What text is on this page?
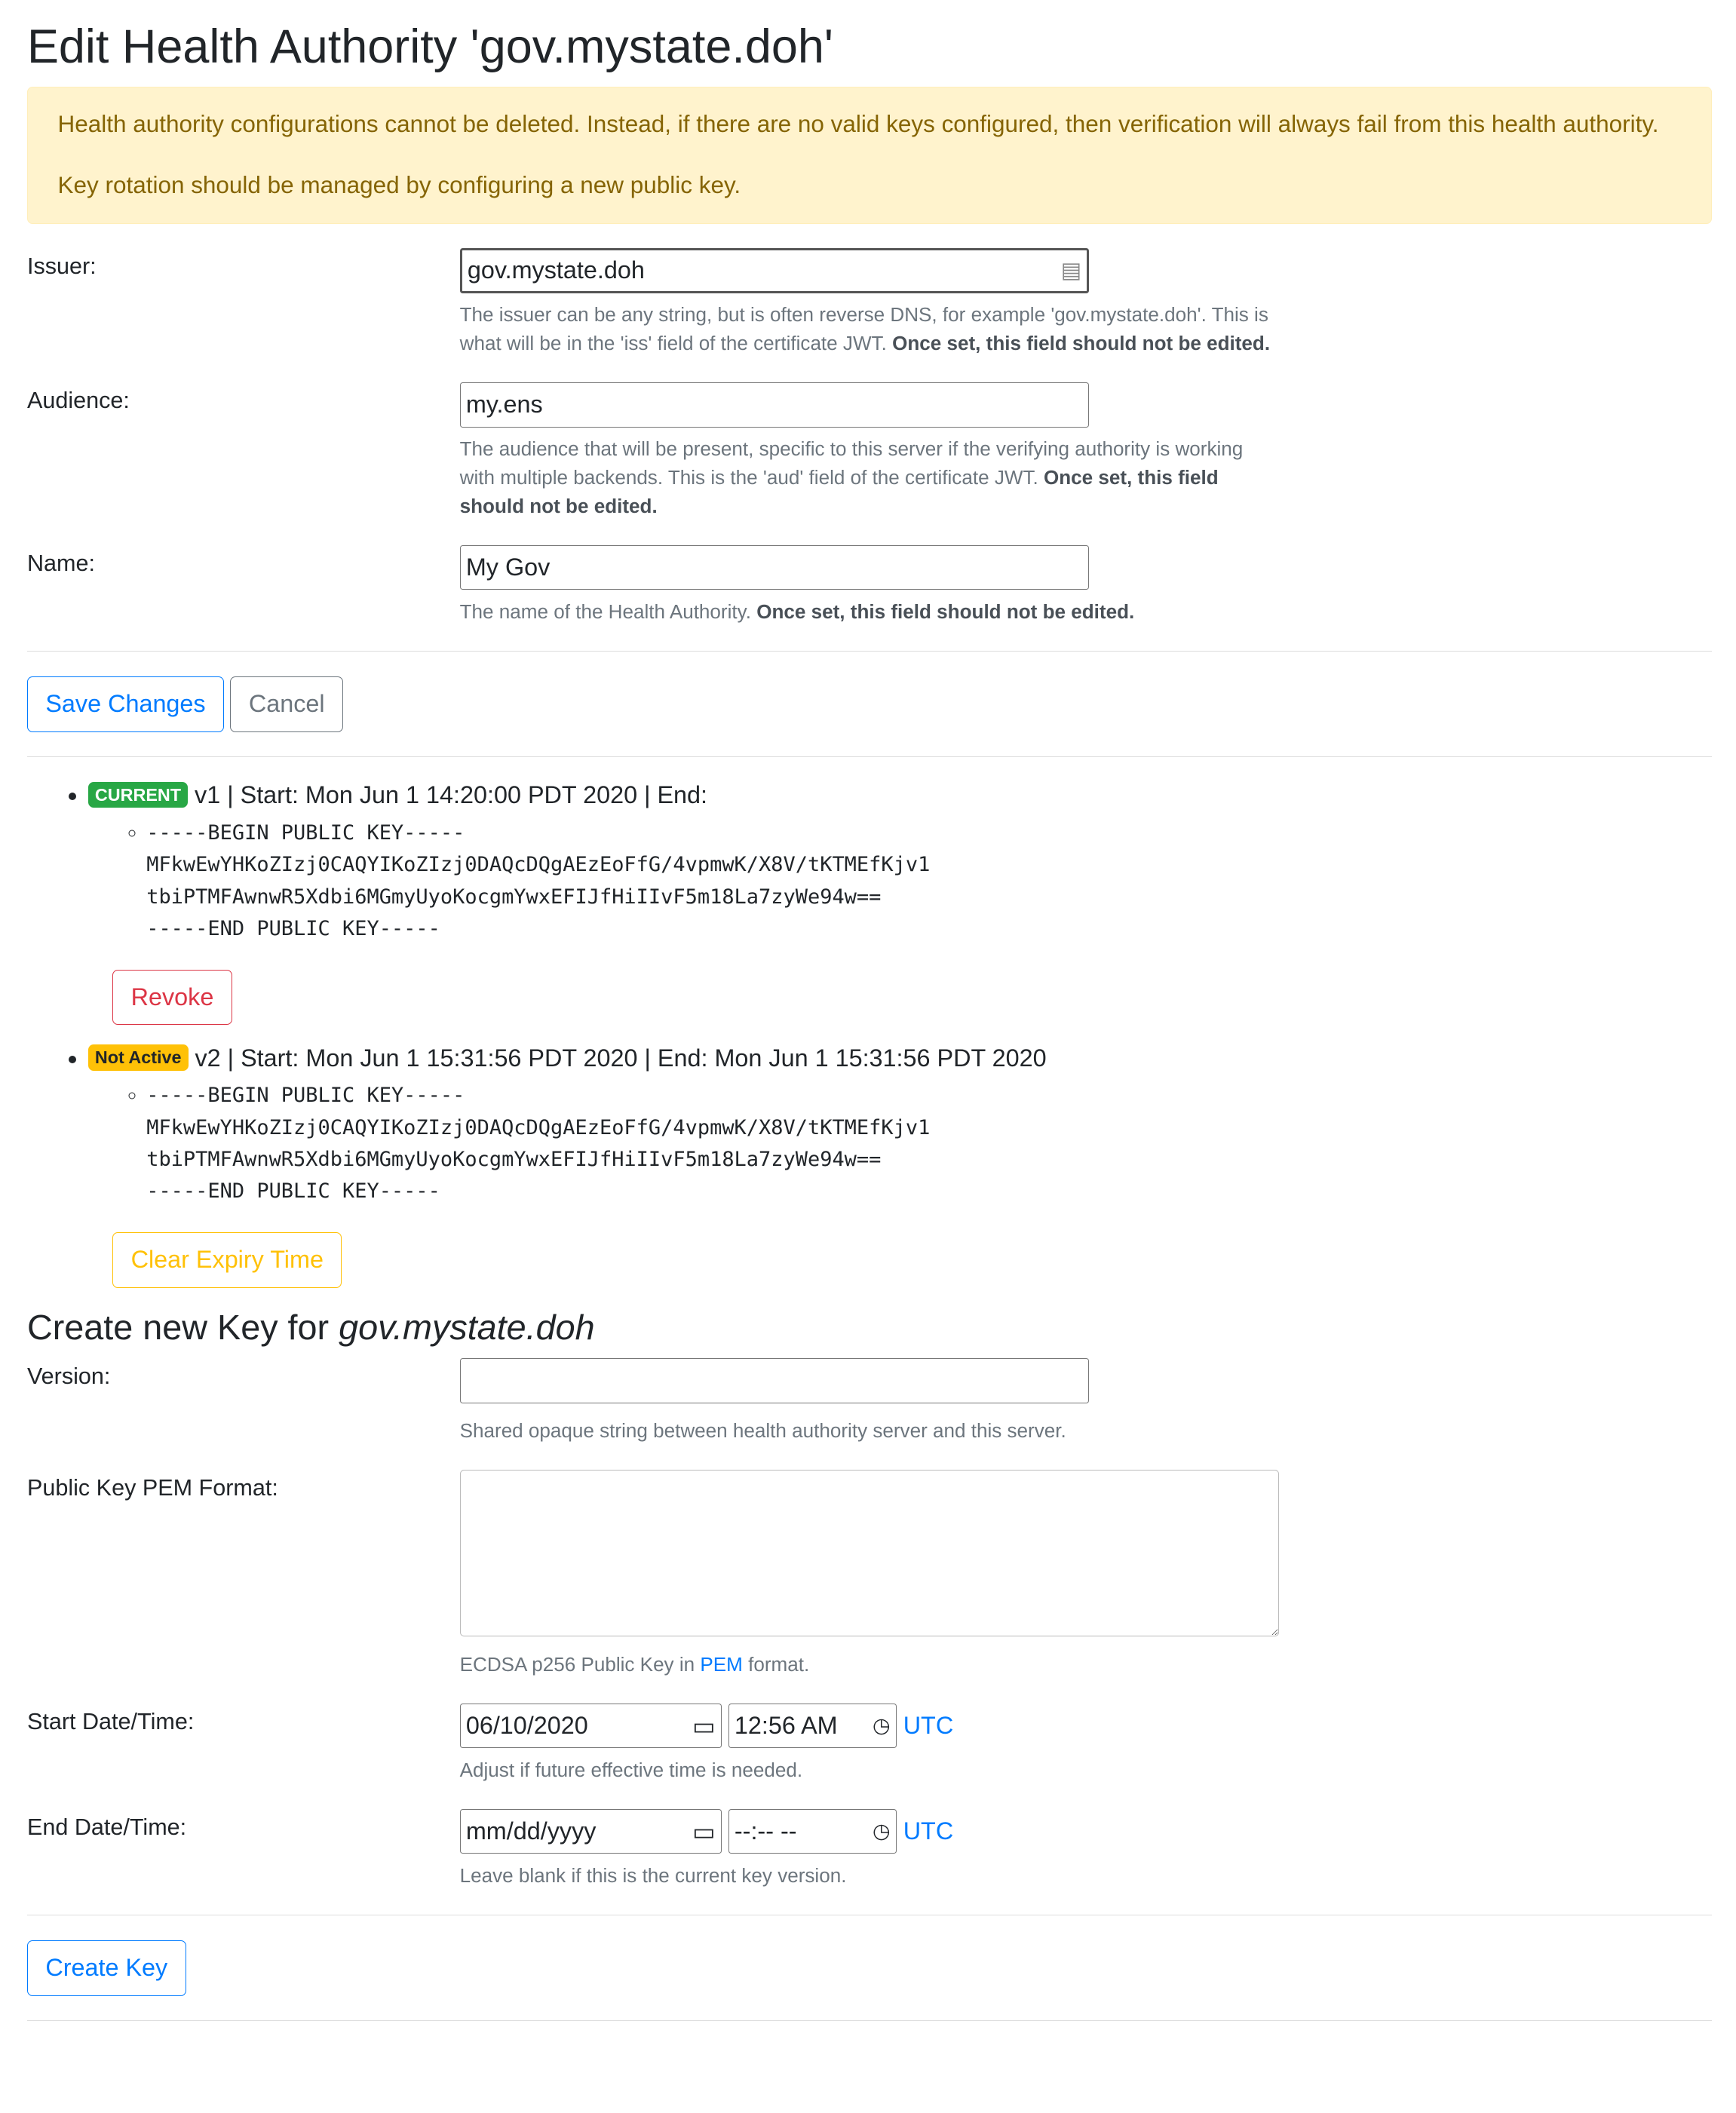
Edit Health Authority 'gov.mystate.doh'

Health authority configurations cannot be deleted. Instead, if there are no valid keys configured, then verification will always fail from this health authority.

Key rotation should be managed by configuring a new public key.

Issuer:	gov.mystate.doh	▤
The issuer can be any string, but is often reverse DNS, for example 'gov.mystate.doh'. This is what will be in the 'iss' field of the certificate JWT. Once set, this field should not be edited.
Audience:	my.ens
The audience that will be present, specific to this server if the verifying authority is working with multiple backends. This is the 'aud' field of the certificate JWT. Once set, this field should not be edited.
Name:	My Gov
The name of the Health Authority. Once set, this field should not be edited.
Save Changes	Cancel
• CURRENT v1 | Start: Mon Jun 1 14:20:00 PDT 2020 | End:
◦ -----BEGIN PUBLIC KEY-----
MFkwEwYHKoZIzj0CAQYIKoZIzj0DAQcDQgAEzEoFfG/4vpmwK/X8V/tKTMEfKjv1
tbiPTMFAwnwR5Xdbi6MGmyUyoKocgmYwxEFIJfHiIIvF5m18La7zyWe94w==
-----END PUBLIC KEY-----
Revoke
• Not Active v2 | Start: Mon Jun 1 15:31:56 PDT 2020 | End: Mon Jun 1 15:31:56 PDT 2020
◦ -----BEGIN PUBLIC KEY-----
MFkwEwYHKoZIzj0CAQYIKoZIzj0DAQcDQgAEzEoFfG/4vpmwK/X8V/tKTMEfKjv1
tbiPTMFAwnwR5Xdbi6MGmyUyoKocgmYwxEFIJfHiIIvF5m18La7zyWe94w==
-----END PUBLIC KEY-----
Clear Expiry Time
Create new Key for gov.mystate.doh
Version:
Shared opaque string between health authority server and this server.
Public Key PEM Format:
ECDSA p256 Public Key in PEM format.
Start Date/Time:	06/10/2020	▭ 12:56 AM	◷ UTC
Adjust if future effective time is needed.
End Date/Time:	mm/dd/yyyy	▭ --:-- --	◷ UTC
Leave blank if this is the current key version.
Create Key
